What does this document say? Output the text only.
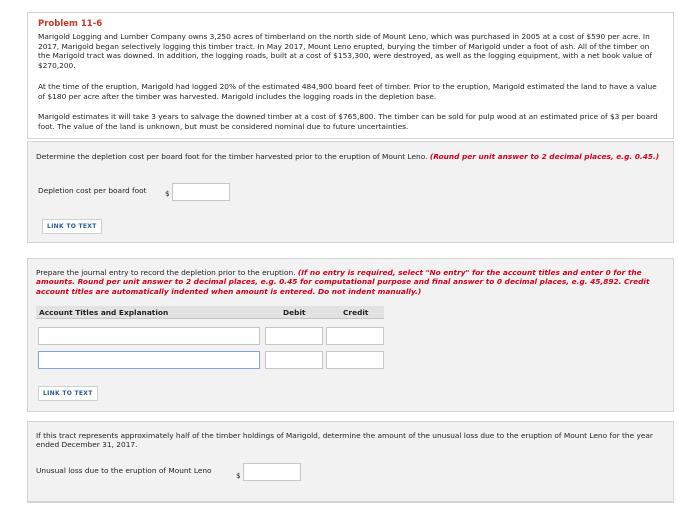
Problem 11-6
Marigold Logging and Lumber Company owns 3,250 acres of timberland on the north side of Mount Leno, which was purchased in 2005 at a cost of $590 per acre. In 2017, Marigold began selectively logging this timber tract. In May 2017, Mount Leno erupted, burying the timber of Marigold under a foot of ash. All of the timber on the Marigold tract was downed. In addition, the logging roads, built at a cost of $153,300, were destroyed, as well as the logging equipment, with a net book value of $270,200.
At the time of the eruption, Marigold had logged 20% of the estimated 484,900 board feet of timber. Prior to the eruption, Marigold estimated the land to have a value of $180 per acre after the timber was harvested. Marigold includes the logging roads in the depletion base.
Marigold estimates it will take 3 years to salvage the downed timber at a cost of $765,800. The timber can be sold for pulp wood at an estimated price of $3 per board foot. The value of the land is unknown, but must be considered nominal due to future uncertainties.
Determine the depletion cost per board foot for the timber harvested prior to the eruption of Mount Leno. (Round per unit answer to 2 decimal places, e.g. 0.45.)
Depletion cost per board foot $
LINK TO TEXT
Prepare the journal entry to record the depletion prior to the eruption. (If no entry is required, select "No entry" for the account titles and enter 0 for the amounts. Round per unit answer to 2 decimal places, e.g. 0.45 for computational purpose and final answer to 0 decimal places, e.g. 45,892. Credit account titles are automatically indented when amount is entered. Do not indent manually.)
Account Titles and Explanation	Debit	Credit
LINK TO TEXT
If this tract represents approximately half of the timber holdings of Marigold, determine the amount of the unusual loss due to the eruption of Mount Leno for the year ended December 31, 2017.
Unusual loss due to the eruption of Mount Leno
$
